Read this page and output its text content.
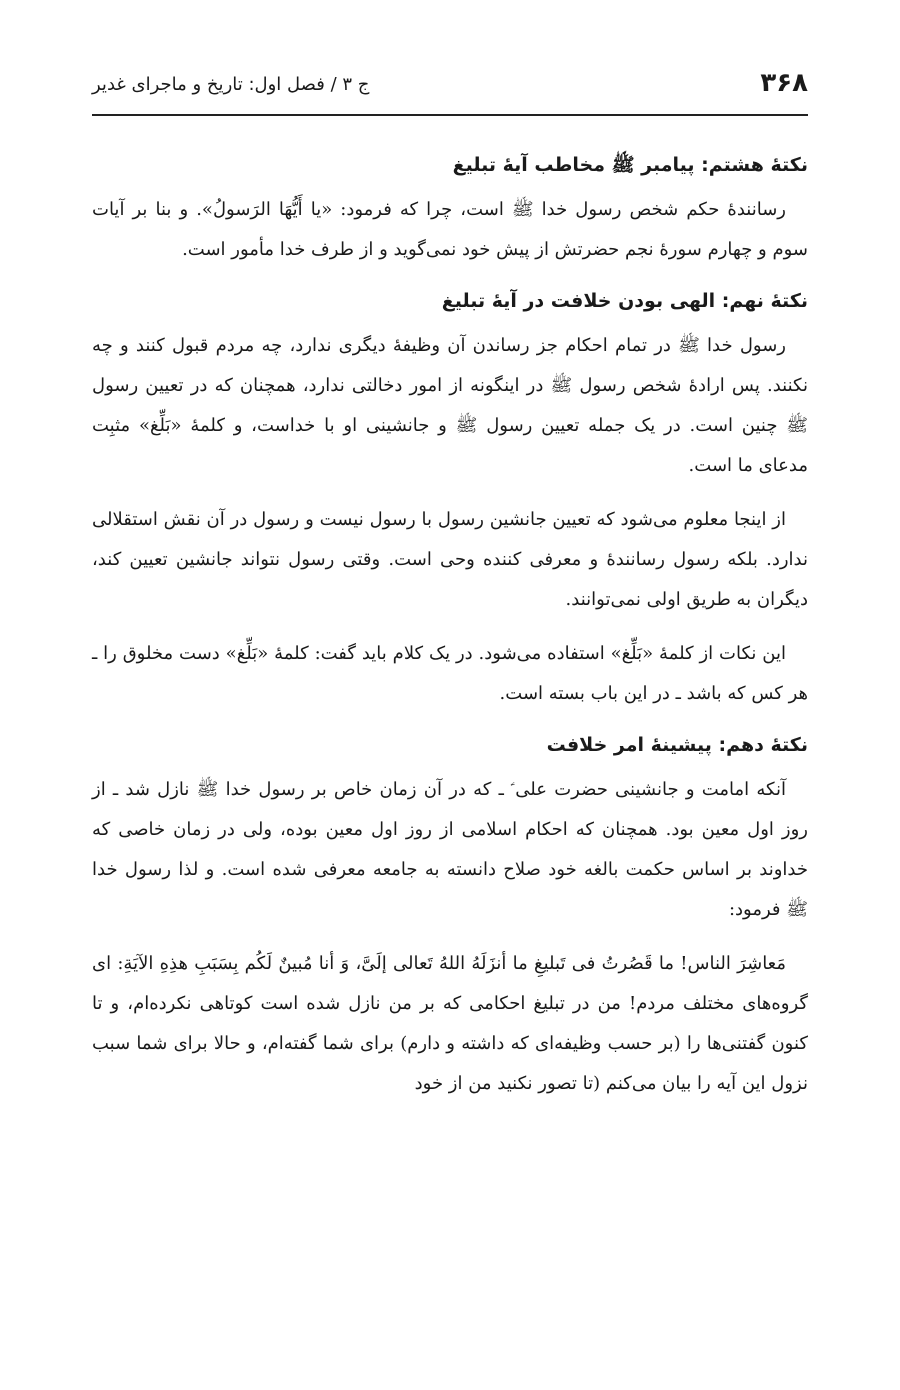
۳۶۸
ج ۳ / فصل اول: تاریخ و ماجرای غدیر
نکتۀ هشتم: پیامبر ﷺ مخاطب آیۀ تبلیغ

رسانندۀ حکم شخص رسول خدا ﷺ است، چرا که فرمود: «یا أَیُّهَا الرَسولُ». و بنا بر آیات سوم و چهارم سورۀ نجم حضرتش از پیش خود نمی‌گوید و از طرف خدا مأمور است.

نکتۀ نهم: الهی بودن خلافت در آیۀ تبلیغ

رسول خدا ﷺ در تمام احکام جز رساندن آن وظیفۀ دیگری ندارد، چه مردم قبول کنند و چه نکنند. پس ارادۀ شخص رسول ﷺ در اینگونه از امور دخالتی ندارد، همچنان که در تعیین رسول ﷺ چنین است. در یک جمله تعیین رسول ﷺ و جانشینی او با خداست، و کلمۀ «بَلِّغ» مثبِت مدعای ما است.

از اینجا معلوم می‌شود که تعیین جانشین رسول با رسول نیست و رسول در آن نقش استقلالی ندارد. بلکه رسول رسانندۀ و معرفی کننده وحی است. وقتی رسول نتواند جانشین تعیین کند، دیگران به طریق اولی نمی‌توانند.

این نکات از کلمۀ «بَلِّغ» استفاده می‌شود. در یک کلام باید گفت: کلمۀ «بَلِّغ» دست مخلوق را ـ هر کس که باشد ـ در این باب بسته است.

نکتۀ دهم: پیشینۀ امر خلافت

آنکه امامت و جانشینی حضرت علی ؑ ـ که در آن زمان خاص بر رسول خدا ﷺ نازل شد ـ از روز اول معین بود. همچنان که احکام اسلامی از روز اول معین بوده، ولی در زمان خاصی که خداوند بر اساس حکمت بالغه خود صلاح دانسته به جامعه معرفی شده است. و لذا رسول خدا ﷺ فرمود:

مَعاشِرَ الناس! ما قَصُرتُ فی تَبلیغِ ما أنزَلَهُ اللهُ تَعالی إلَیَّ، وَ أنا مُبینٌ لَکُم بِسَبَبِ هذِهِ الآیَةِ: ای گروه‌های مختلف مردم! من در تبلیغ احکامی که بر من نازل شده است کوتاهی نکرده‌ام، و تا کنون گفتنی‌ها را (بر حسب وظیفه‌ای که داشته و دارم) برای شما گفته‌ام، و حالا برای شما سبب نزول این آیه را بیان می‌کنم (تا تصور نکنید من از خود
